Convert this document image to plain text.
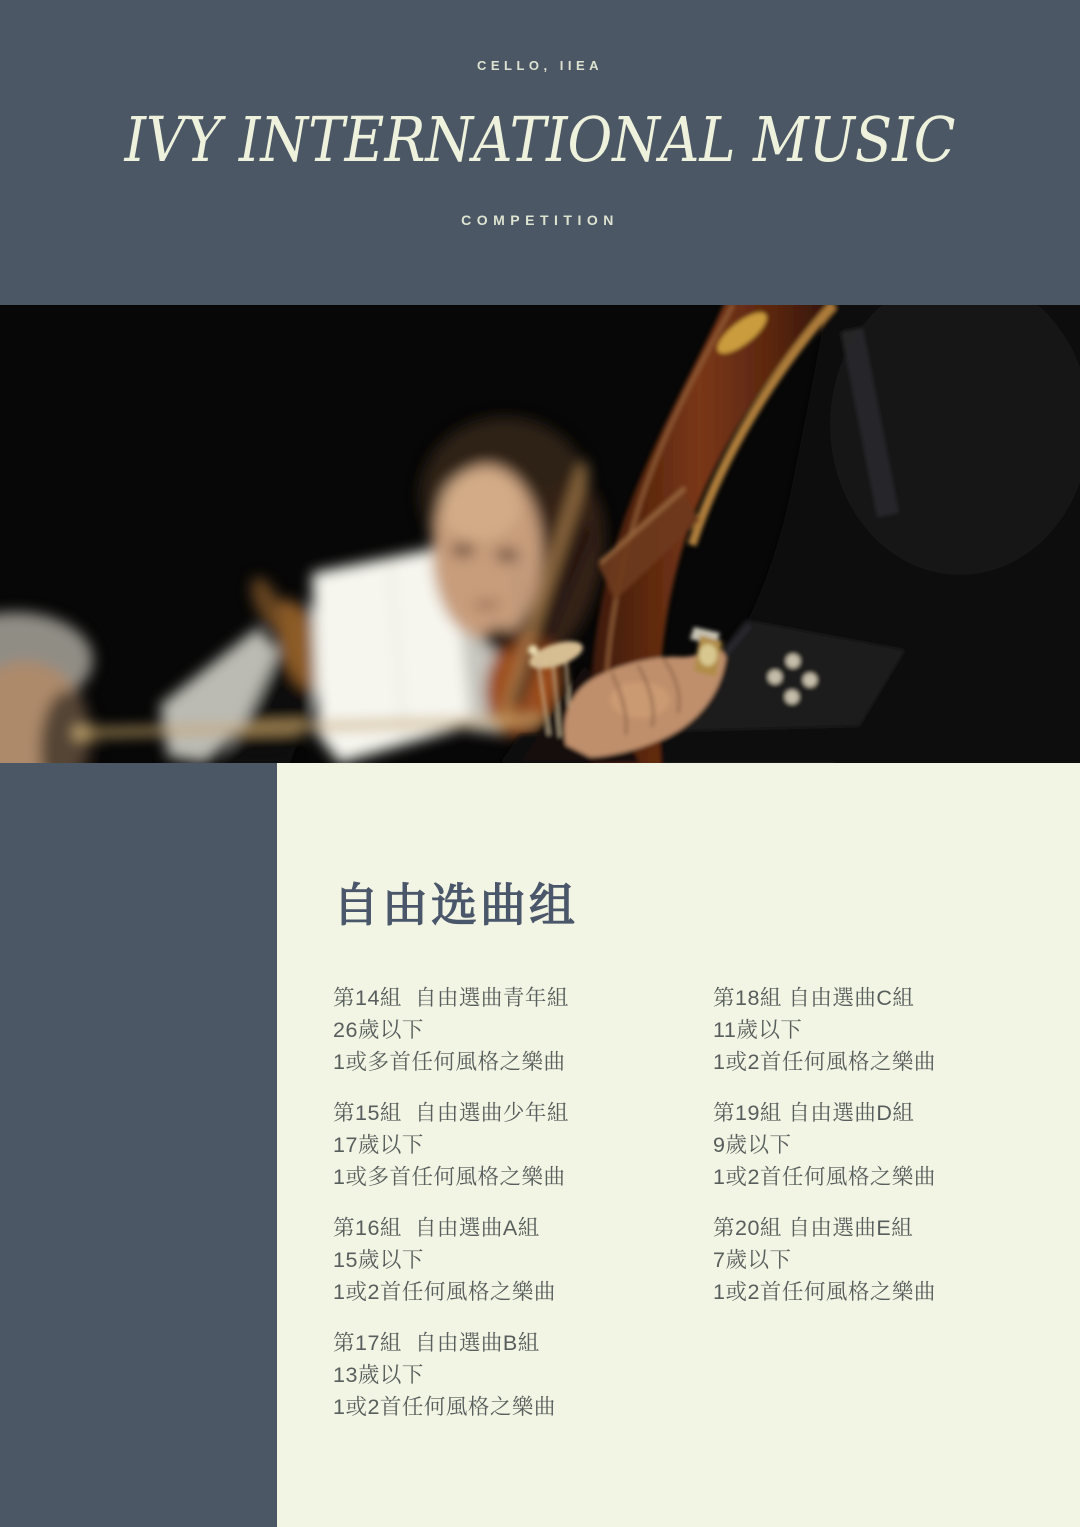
CELLO, IIEA
IVY INTERNATIONAL MUSIC
COMPETITION
自由选曲组

第14組  自由選曲青年組

26歲以下

1或多首任何風格之樂曲

第15組  自由選曲少年組

17歲以下

1或多首任何風格之樂曲

第16組  自由選曲A組

15歲以下

1或2首任何風格之樂曲

第17組  自由選曲B組

13歲以下

1或2首任何風格之樂曲

第18組 自由選曲C組

11歲以下

1或2首任何風格之樂曲

第19組 自由選曲D組

9歲以下

1或2首任何風格之樂曲

第20組 自由選曲E組

7歲以下

1或2首任何風格之樂曲
